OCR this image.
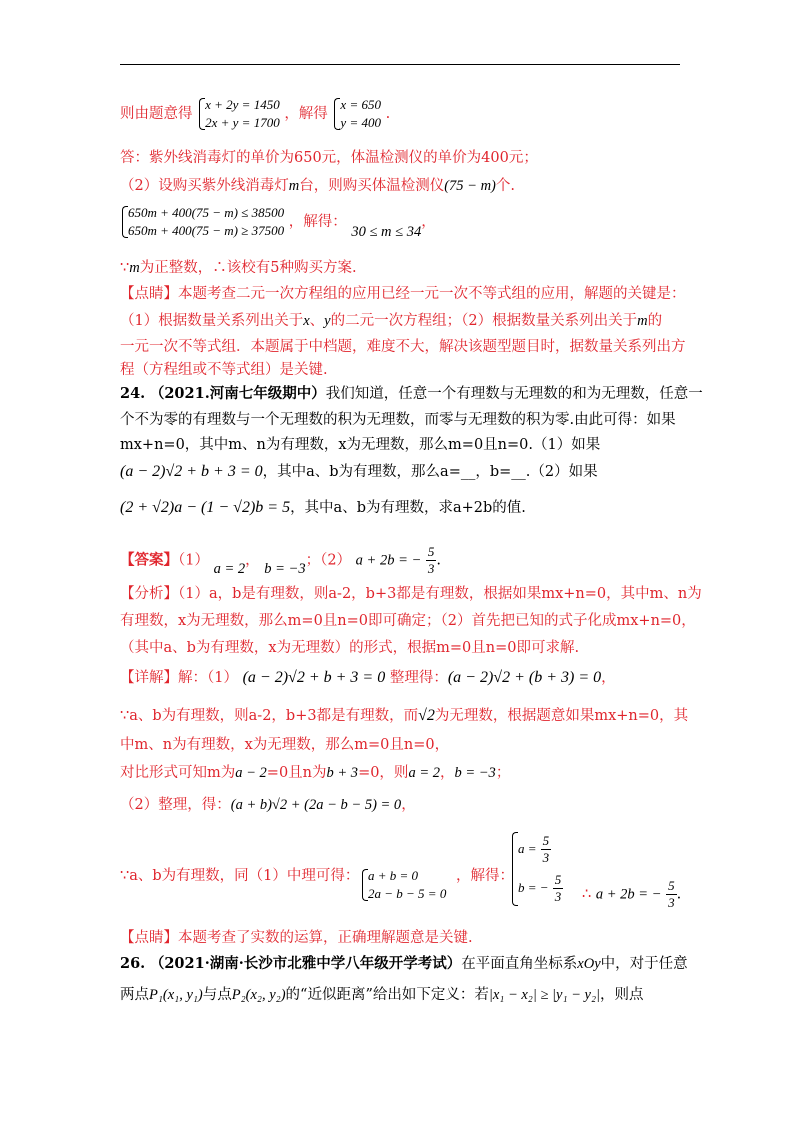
则由题意得
x + 2y = 1450
2x + y = 1700
，解得
x = 650
y = 400
.
答：紫外线消毒灯的单价为650元，体温检测仪的单价为400元；
（2）设购买紫外线消毒灯m台，则购买体温检测仪(75 − m)个.
650m + 400(75 − m) ≤ 38500
650m + 400(75 − m) ≥ 37500
，解得： 30 ≤ m ≤ 34，
∵m为正整数，∴该校有5种购买方案.
【点睛】本题考查二元一次方程组的应用已经一元一次不等式组的应用，解题的关键是：
（1）根据数量关系列出关于x、y的二元一次方程组；（2）根据数量关系列出关于m的
一元一次不等式组．本题属于中档题，难度不大，解决该题型题目时，据数量关系列出方
程（方程组或不等式组）是关键.
24. （2021.河南七年级期中）我们知道，任意一个有理数与无理数的和为无理数，任意一
个不为零的有理数与一个无理数的积为无理数，而零与无理数的积为零.由此可得：如果
mx+n=0，其中m、n为有理数，x为无理数，那么m=0且n=0.（1）如果
(a − 2)√2 + b + 3 = 0，其中a、b为有理数，那么a=__，b=__.（2）如果
(2 + √2)a − (1 − √2)b = 5，其中a、b为有理数，求a+2b的值.
【答案】（1） a = 2， b = −3；（2） a + 2b = − $\frac{5}{3}$ .
【分析】（1）a，b是有理数，则a-2，b+3都是有理数，根据如果mx+n=0，其中m、n为
有理数，x为无理数，那么m=0且n=0即可确定；（2）首先把已知的式子化成mx+n=0，
（其中a、b为有理数，x为无理数）的形式，根据m=0且n=0即可求解.
【详解】解：（1） (a − 2)√2 + b + 3 = 0 整理得：(a − 2)√2 + (b + 3) = 0，
∵a、b为有理数，则a-2，b+3都是有理数，而√2为无理数，根据题意如果mx+n=0，其
中m、n为有理数，x为无理数，那么m=0且n=0，
对比形式可知m为a − 2=0且n为b + 3=0，则a = 2，b = −3；
（2）整理，得：(a + b)√2 + (2a − b − 5) = 0，
∵a、b为有理数，同（1）中理可得： a + b = 0
2a − b − 5 = 0
，解得：
$a = \frac{5}{3}$
b = − $\frac{5}{3}$ ∴ a + 2b = − $\frac{5}{3}$ .
【点睛】本题考查了实数的运算，正确理解题意是关键.
26. （2021·湖南·长沙市北雅中学八年级开学考试）在平面直角坐标系xOy中，对于任意
两点P₁(x₁, y₁)与点P₂(x₂, y₂)的“近似距离”给出如下定义：若|x₁ − x₂| ≥ |y₁ − y₂|，则点
